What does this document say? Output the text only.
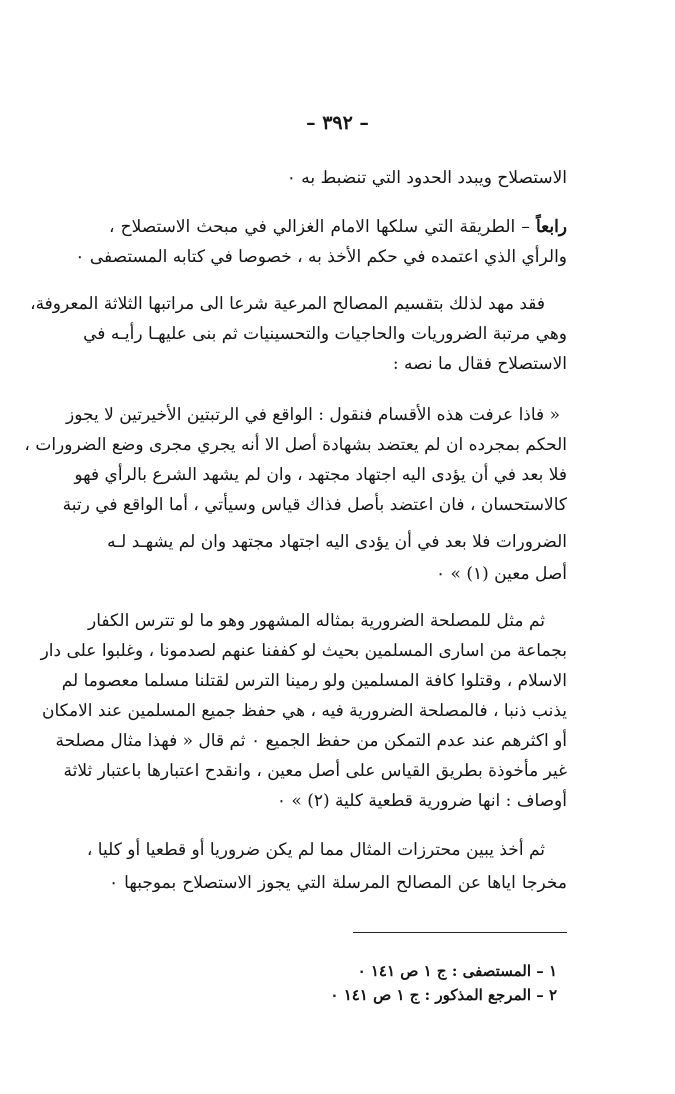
– ٣٩٢ –
الاستصلاح ويبدد الحدود التي تنضبط به ٠
رابعاً – الطريقة التي سلكها الامام الغزالي في مبحث الاستصلاح ،
والرأي الذي اعتمده في حكم الأخذ به ، خصوصا في كتابه المستصفى ٠
فقد مهد لذلك بتقسيم المصالح المرعية شرعا الى مراتبها الثلاثة المعروفة،
وهي مرتبة الضروريات والحاجيات والتحسينيات ثم بنى عليهـا رأيـه في
الاستصلاح فقال ما نصه :
« فاذا عرفت هذه الأقسام فنقول : الواقع في الرتبتين الأخيرتين لا يجوز
الحكم بمجرده ان لم يعتضد بشهادة أصل الا أنه يجري مجرى وضع الضرورات ،
فلا بعد في أن يؤدى اليه اجتهاد مجتهد ، وان لم يشهد الشرع بالرأي فهو
كالاستحسان ، فان اعتضد بأصل فذاك قياس وسيأتي ، أما الواقع في رتبة
الضرورات فلا بعد في أن يؤدى اليه اجتهاد مجتهد وان لم يشهـد لـه
أصل معين (١) » ٠
ثم مثل للمصلحة الضرورية بمثاله المشهور وهو ما لو تترس الكفار
بجماعة من اسارى المسلمين بحيث لو كففنا عنهم لصدمونا ، وغلبوا على دار
الاسلام ، وقتلوا كافة المسلمين ولو رمينا الترس لقتلنا مسلما معصوما لم
يذنب ذنبا ، فالمصلحة الضرورية فيه ، هي حفظ جميع المسلمين عند الامكان
أو اكثرهم عند عدم التمكن من حفظ الجميع ٠ ثم قال « فهذا مثال مصلحة
غير مأخوذة بطريق القياس على أصل معين ، وانقدح اعتبارها باعتبار ثلاثة
أوصاف : انها ضرورية قطعية كلية (٢) » ٠
ثم أخذ يبين محترزات المثال مما لم يكن ضروريا أو قطعيا أو كليا ،
مخرجا اياها عن المصالح المرسلة التي يجوز الاستصلاح بموجبها ٠
١ – المستصفى : ج ١ ص ١٤١ ٠
٢ – المرجع المذكور : ج ١ ص ١٤١ ٠
